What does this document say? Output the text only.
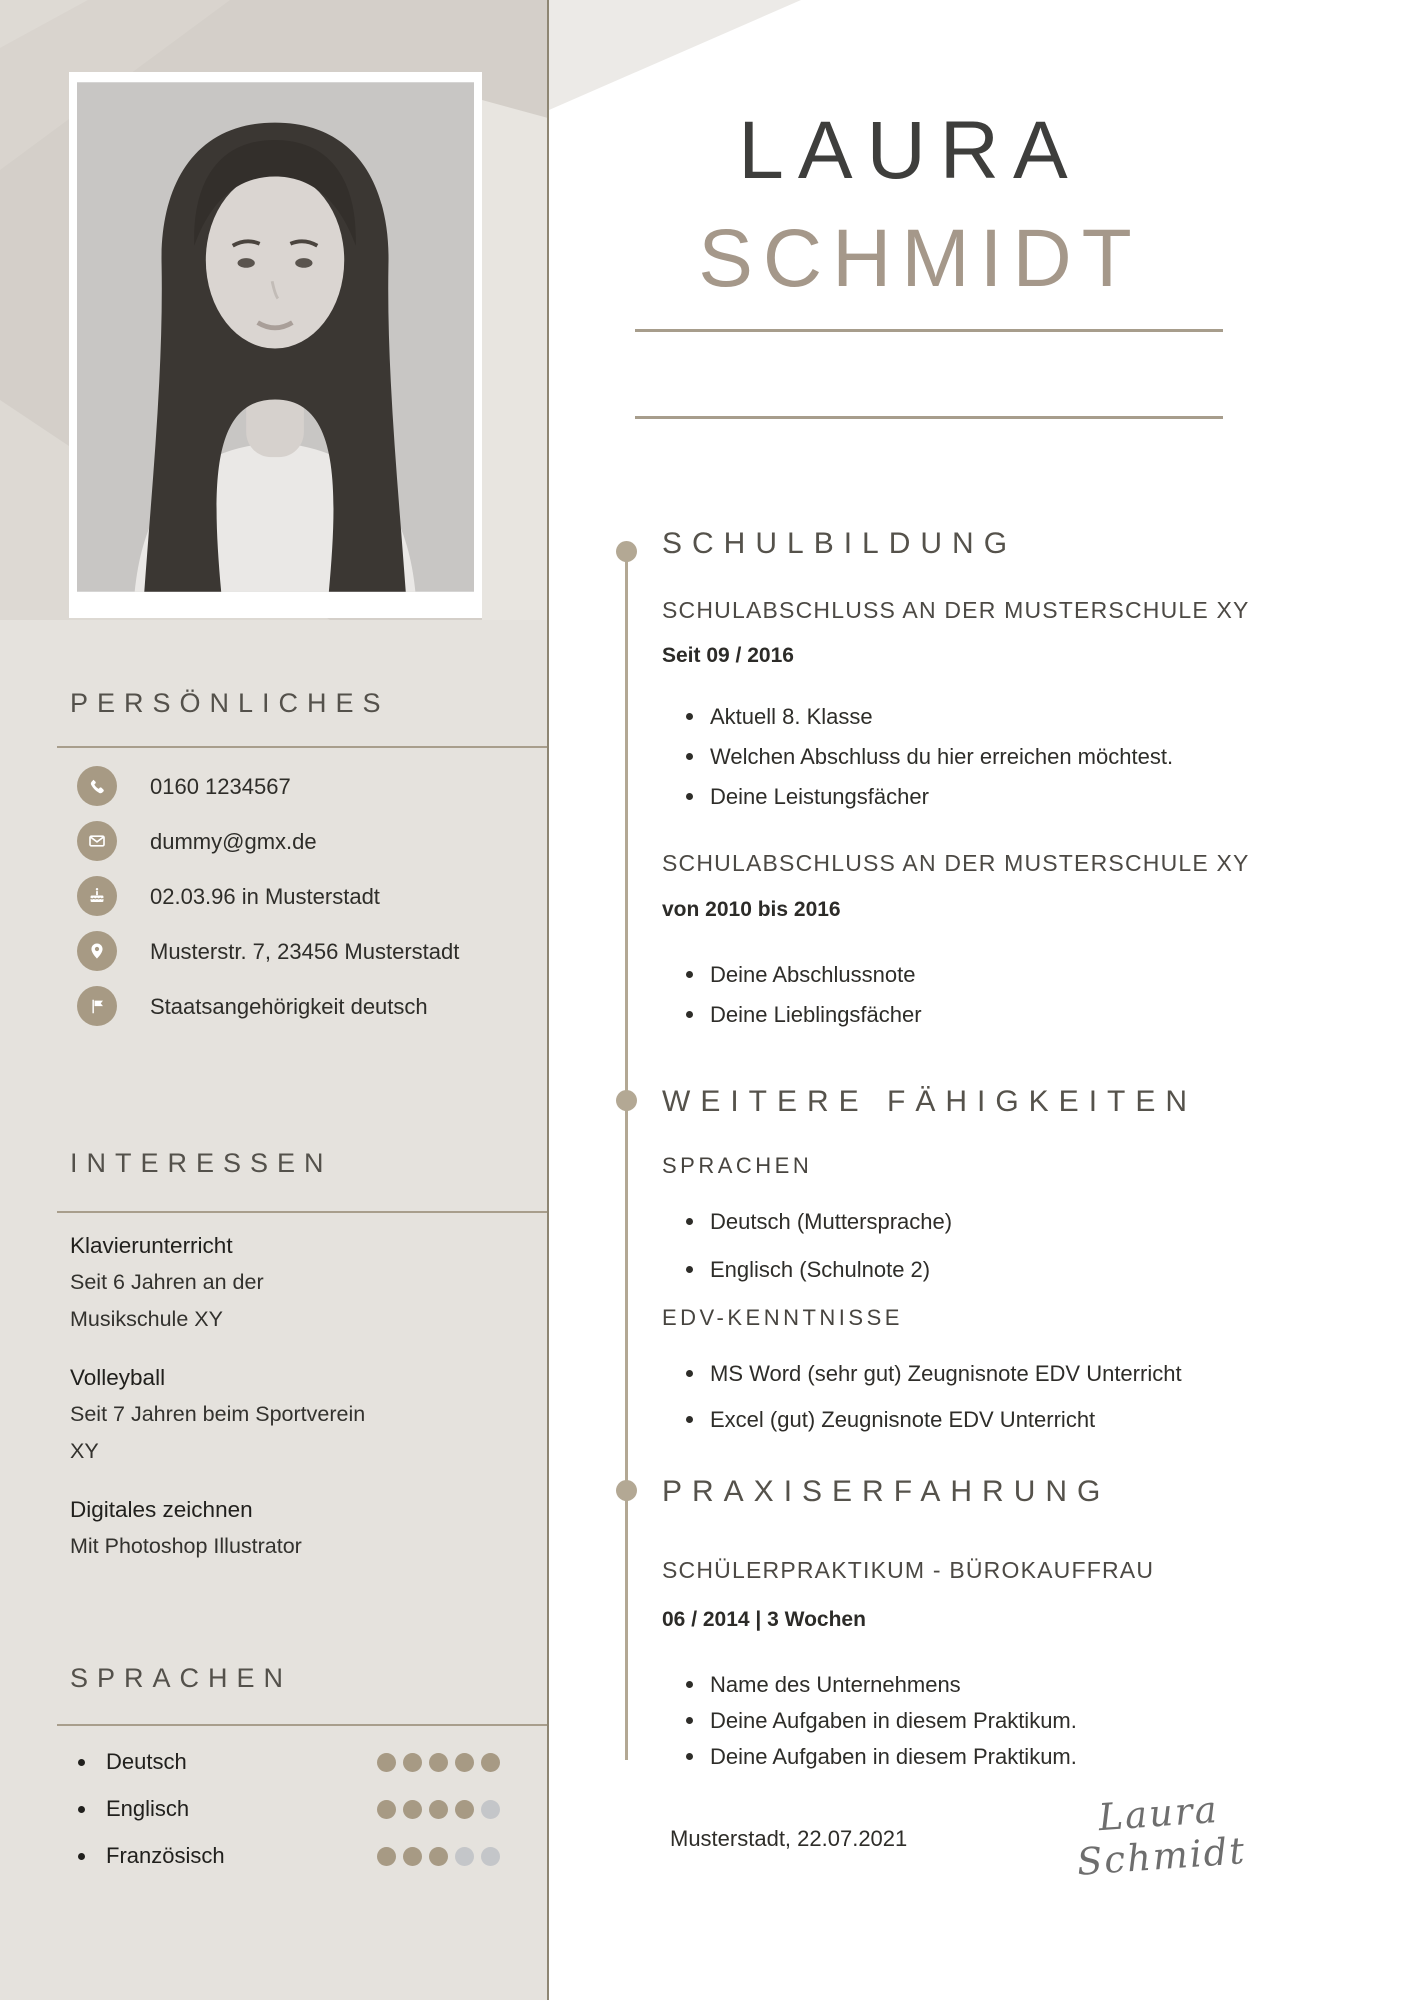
PERSÖNLICHES
0160 1234567
dummy@gmx.de
02.03.96 in Musterstadt
Musterstr. 7, 23456 Musterstadt
Staatsangehörigkeit deutsch
INTERESSEN
Klavierunterricht
Seit 6 Jahren an der Musikschule XY
Volleyball
Seit 7 Jahren beim Sportverein XY
Digitales zeichnen
Mit Photoshop Illustrator
SPRACHEN
Deutsch
Englisch
Französisch
LAURA
SCHMIDT
SCHULBILDUNG
SCHULABSCHLUSS AN DER MUSTERSCHULE XY
Seit 09 / 2016
Aktuell 8. Klasse
Welchen Abschluss du hier erreichen möchtest.
Deine Leistungsfächer
SCHULABSCHLUSS AN DER MUSTERSCHULE XY
von 2010 bis 2016
Deine Abschlussnote
Deine Lieblingsfächer
WEITERE FÄHIGKEITEN
SPRACHEN
Deutsch (Muttersprache)
Englisch (Schulnote 2)
EDV-KENNTNISSE
MS Word (sehr gut) Zeugnisnote EDV Unterricht
Excel (gut) Zeugnisnote EDV Unterricht
PRAXISERFAHRUNG
SCHÜLERPRAKTIKUM - BÜROKAUFFRAU
06 / 2014 | 3 Wochen
Name des Unternehmens
Deine Aufgaben in diesem Praktikum.
Deine Aufgaben in diesem Praktikum.
Musterstadt, 22.07.2021	Laura Schmidt
